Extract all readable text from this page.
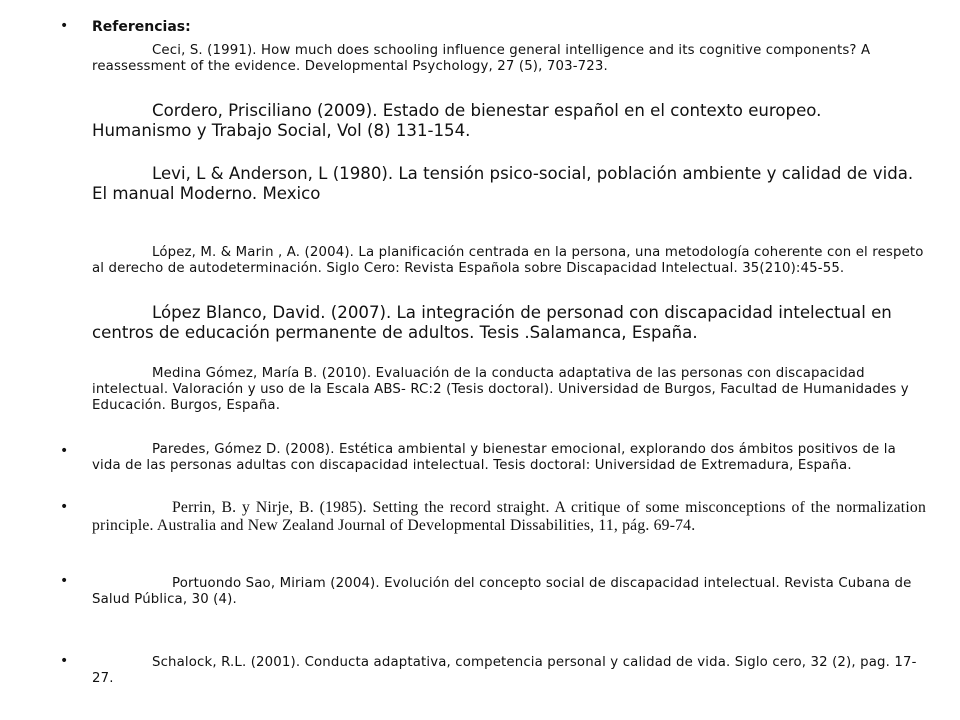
•
•
•
•
•

Referencias:

Ceci, S. (1991). How much does schooling influence general intelligence and its cognitive components? A reassessment of the evidence. Developmental Psychology, 27 (5), 703-723.

Cordero, Prisciliano (2009). Estado de bienestar español en el contexto europeo. Humanismo y Trabajo Social, Vol (8) 131-154.

Levi, L & Anderson, L (1980). La tensión psico-social, población ambiente y calidad de vida. El manual Moderno. Mexico

López, M. & Marin , A. (2004). La planificación centrada en la persona, una metodología coherente con el respeto al derecho de autodeterminación. Siglo Cero: Revista Española sobre Discapacidad Intelectual. 35(210):45-55.

López Blanco, David. (2007). La integración de personad con discapacidad intelectual en centros de educación permanente de adultos. Tesis .Salamanca, España.

Medina Gómez, María B. (2010). Evaluación de la conducta adaptativa de las personas con discapacidad intelectual. Valoración y uso de la Escala ABS- RC:2 (Tesis doctoral). Universidad de Burgos, Facultad de Humanidades y Educación. Burgos, España.

Paredes, Gómez D. (2008). Estética ambiental y bienestar emocional, explorando dos ámbitos positivos de la vida de las personas adultas con discapacidad intelectual. Tesis doctoral: Universidad de Extremadura, España.

Perrin, B. y Nirje, B. (1985). Setting the record straight. A critique of some misconceptions of the normalization principle. Australia and New Zealand Journal of Developmental Dissabilities, 11, pág. 69-74.

Portuondo Sao, Miriam (2004). Evolución del concepto social de discapacidad intelectual. Revista Cubana de Salud Pública, 30 (4).

Schalock, R.L. (2001). Conducta adaptativa, competencia personal y calidad de vida. Siglo cero, 32 (2), pag. 17-27.
